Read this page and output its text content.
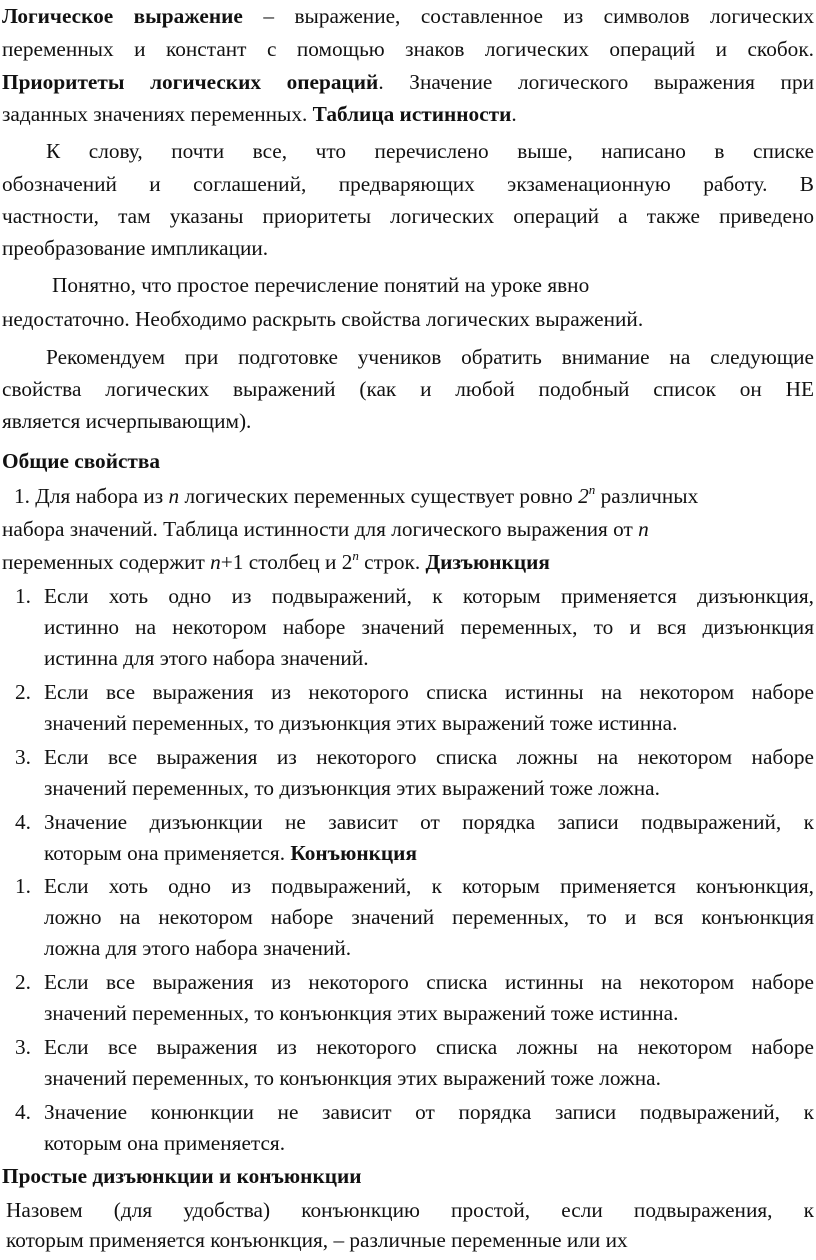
Логическое выражение – выражение, составленное из символов логических
переменных и констант с помощью знаков логических операций и скобок.
Приоритеты логических операций. Значение логического выражения при
заданных значениях переменных. Таблица истинности.
К слову, почти все, что перечислено выше, написано в списке
обозначений и соглашений, предваряющих экзаменационную работу. В
частности, там указаны приоритеты логических операций а также приведено
преобразование импликации.
Понятно, что простое перечисление понятий на уроке явно
недостаточно. Необходимо раскрыть свойства логических выражений.
Рекомендуем при подготовке учеников обратить внимание на следующие
свойства логических выражений (как и любой подобный список он НЕ
является исчерпывающим).
Общие свойства
1. Для набора из n логических переменных существует ровно 2$^n$ различных
набора значений. Таблица истинности для логического выражения от n
переменных содержит n+1 столбец и 2$^n$ строк. Дизъюнкция
1. Если хоть одно из подвыражений, к которым применяется дизъюнкция,
истинно на некотором наборе значений переменных, то и вся дизъюнкция
истинна для этого набора значений.
2. Если все выражения из некоторого списка истинны на некотором наборе
значений переменных, то дизъюнкция этих выражений тоже истинна.
3. Если все выражения из некоторого списка ложны на некотором наборе
значений переменных, то дизъюнкция этих выражений тоже ложна.
4. Значение дизъюнкции не зависит от порядка записи подвыражений, к
которым она применяется. Конъюнкция
1. Если хоть одно из подвыражений, к которым применяется конъюнкция,
ложно на некотором наборе значений переменных, то и вся конъюнкция
ложна для этого набора значений.
2. Если все выражения из некоторого списка истинны на некотором наборе
значений переменных, то конъюнкция этих выражений тоже истинна.
3. Если все выражения из некоторого списка ложны на некотором наборе
значений переменных, то конъюнкция этих выражений тоже ложна.
4. Значение конюнкции не зависит от порядка записи подвыражений, к
которым она применяется.
Простые дизъюнкции и конъюнкции
Назовем (для удобства) конъюнкцию простой, если подвыражения, к
которым применяется конъюнкция, – различные переменные или их
